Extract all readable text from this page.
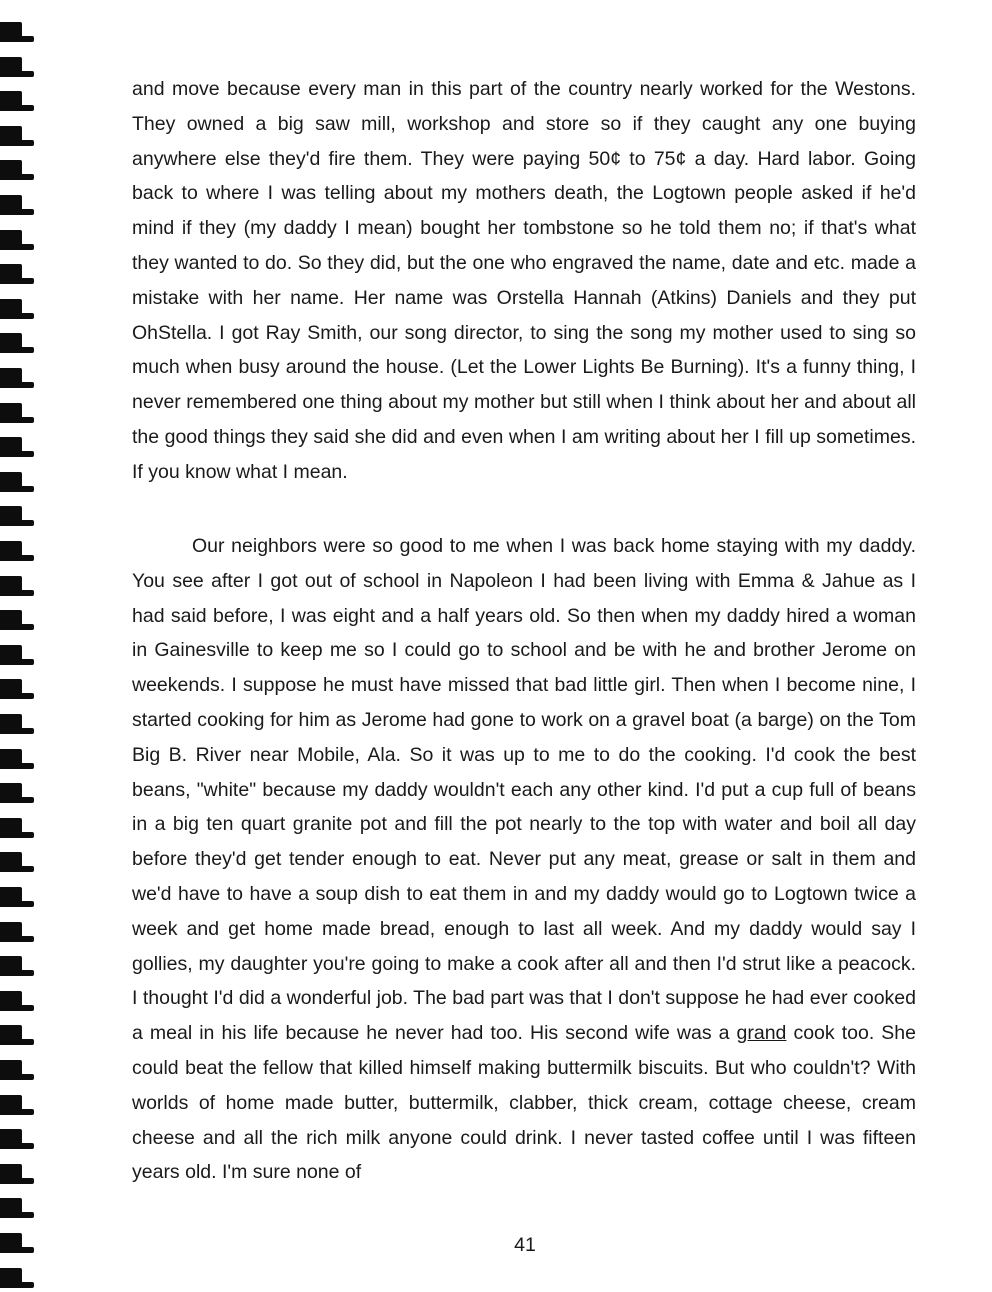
and move because every man in this part of the country nearly worked for the Westons. They owned a big saw mill, workshop and store so if they caught any one buying anywhere else they'd fire them. They were paying 50¢ to 75¢ a day. Hard labor. Going back to where I was telling about my mothers death, the Logtown people asked if he'd mind if they (my daddy I mean) bought her tombstone so he told them no; if that's what they wanted to do. So they did, but the one who engraved the name, date and etc. made a mistake with her name. Her name was Orstella Hannah (Atkins) Daniels and they put OhStella. I got Ray Smith, our song director, to sing the song my mother used to sing so much when busy around the house. (Let the Lower Lights Be Burning). It's a funny thing, I never remembered one thing about my mother but still when I think about her and about all the good things they said she did and even when I am writing about her I fill up sometimes. If you know what I mean.

Our neighbors were so good to me when I was back home staying with my daddy. You see after I got out of school in Napoleon I had been living with Emma & Jahue as I had said before, I was eight and a half years old. So then when my daddy hired a woman in Gainesville to keep me so I could go to school and be with he and brother Jerome on weekends. I suppose he must have missed that bad little girl. Then when I become nine, I started cooking for him as Jerome had gone to work on a gravel boat (a barge) on the Tom Big B. River near Mobile, Ala. So it was up to me to do the cooking. I'd cook the best beans, "white" because my daddy wouldn't each any other kind. I'd put a cup full of beans in a big ten quart granite pot and fill the pot nearly to the top with water and boil all day before they'd get tender enough to eat. Never put any meat, grease or salt in them and we'd have to have a soup dish to eat them in and my daddy would go to Logtown twice a week and get home made bread, enough to last all week. And my daddy would say I gollies, my daughter you're going to make a cook after all and then I'd strut like a peacock. I thought I'd did a wonderful job. The bad part was that I don't suppose he had ever cooked a meal in his life because he never had too. His second wife was a grand cook too. She could beat the fellow that killed himself making buttermilk biscuits. But who couldn't? With worlds of home made butter, buttermilk, clabber, thick cream, cottage cheese, cream cheese and all the rich milk anyone could drink. I never tasted coffee until I was fifteen years old. I'm sure none of

41
